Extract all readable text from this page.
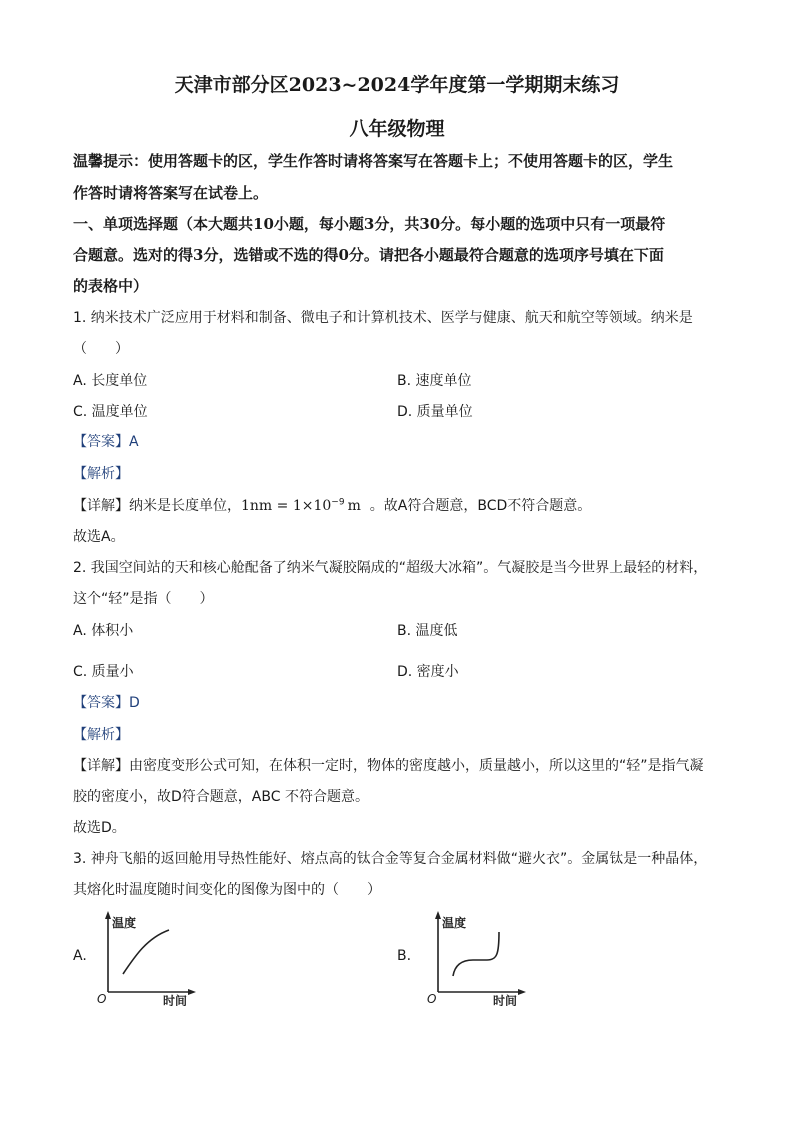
天津市部分区2023~2024学年度第一学期期末练习
八年级物理
温馨提示：使用答题卡的区，学生作答时请将答案写在答题卡上；不使用答题卡的区，学生
作答时请将答案写在试卷上。
一、单项选择题（本大题共10小题，每小题3分，共30分。每小题的选项中只有一项最符
合题意。选对的得3分，选错或不选的得0分。请把各小题最符合题意的选项序号填在下面
的表格中）
1. 纳米技术广泛应用于材料和制备、微电子和计算机技术、医学与健康、航天和航空等领域。纳米是
（　　）
A. 长度单位	B. 速度单位
C. 温度单位	D. 质量单位
【答案】A
【解析】
【详解】纳米是长度单位，$1nm = 1\times 10^{-9}$ m 。故A符合题意，BCD不符合题意。
故选A。
2. 我国空间站的天和核心舱配备了纳米气凝胶隔成的“超级大冰箱”。气凝胶是当今世界上最轻的材料，
这个“轻”是指（　　）
A. 体积小	B. 温度低
C. 质量小	D. 密度小
【答案】D
【解析】
【详解】由密度变形公式可知，在体积一定时，物体的密度越小，质量越小，所以这里的“轻”是指气凝
胶的密度小，故D符合题意，ABC 不符合题意。
故选D。
3. 神舟飞船的返回舱用导热性能好、熔点高的钛合金等复合金属材料做“避火衣”。金属钛是一种晶体，
其熔化时温度随时间变化的图像为图中的（　　）
A.
温度
O	时间
B.
温度
O	时间
